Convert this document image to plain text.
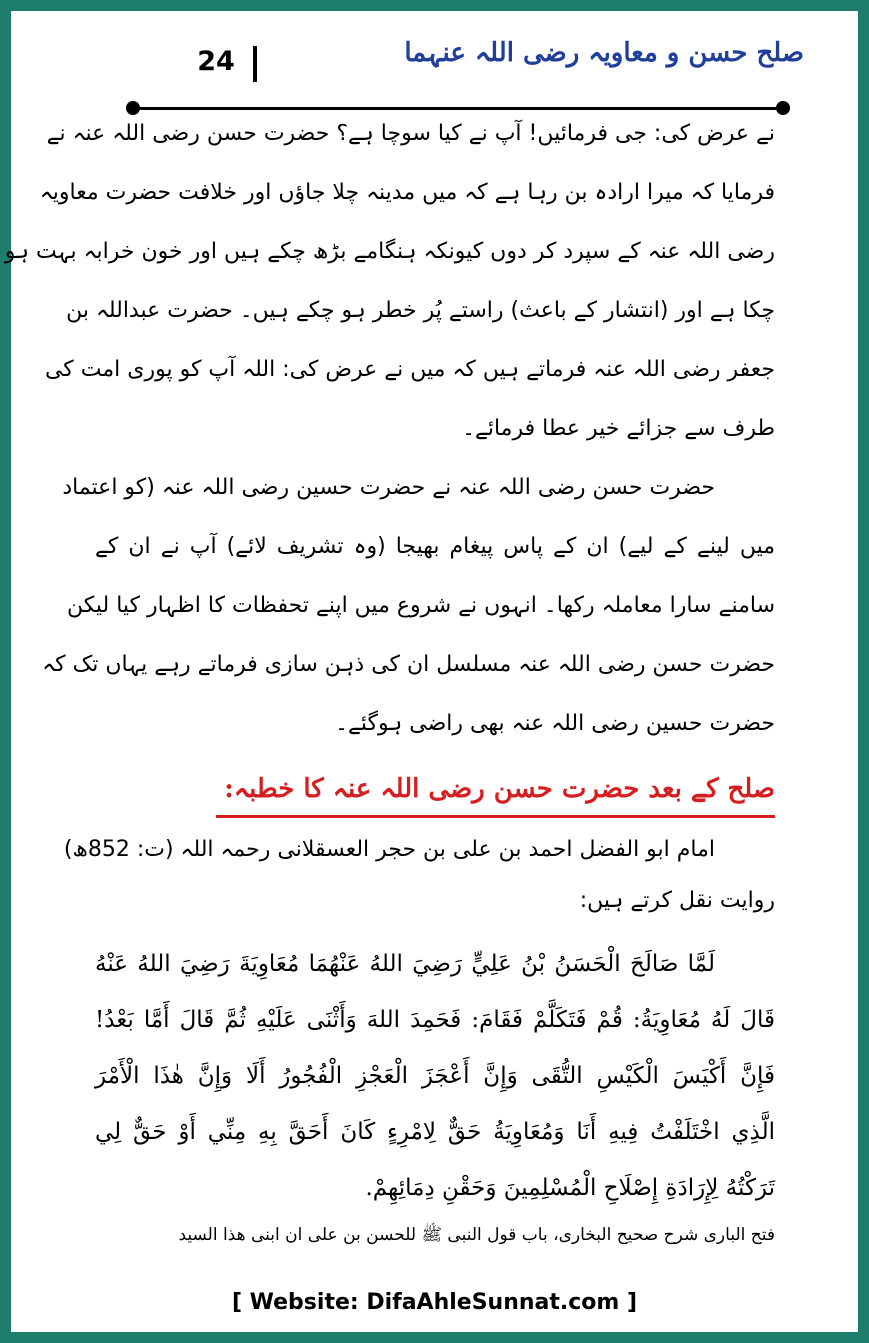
24	صلح حسن و معاویہ رضی اللہ عنہما
نے عرض کی: جی فرمائیں! آپ نے کیا سوچا ہے؟ حضرت حسن رضی اللہ عنہ نے
فرمایا کہ میرا ارادہ بن رہا ہے کہ میں مدینہ چلا جاؤں اور خلافت حضرت معاویہ
رضی اللہ عنہ کے سپرد کر دوں کیونکہ ہنگامے بڑھ چکے ہیں اور خون خرابہ بہت ہو
چکا ہے اور (انتشار کے باعث) راستے پُر خطر ہو چکے ہیں۔ حضرت عبداللہ بن
جعفر رضی اللہ عنہ فرماتے ہیں کہ میں نے عرض کی: اللہ آپ کو پوری امت کی
طرف سے جزائے خیر عطا فرمائے۔
حضرت حسن رضی اللہ عنہ نے حضرت حسین رضی اللہ عنہ (کو اعتماد
میں لینے کے لیے) ان کے پاس پیغام بھیجا (وہ تشریف لائے) آپ نے ان کے
سامنے سارا معاملہ رکھا۔ انہوں نے شروع میں اپنے تحفظات کا اظہار کیا لیکن
حضرت حسن رضی اللہ عنہ مسلسل ان کی ذہن سازی فرماتے رہے یہاں تک کہ
حضرت حسین رضی اللہ عنہ بھی راضی ہوگئے۔
صلح کے بعد حضرت حسن رضی اللہ عنہ کا خطبہ:
امام ابو الفضل احمد بن علی بن حجر العسقلانی رحمہ اللہ (ت: 852ھ)
روایت نقل کرتے ہیں:
لَمَّا صَالَحَ الْحَسَنُ بْنُ عَلِيٍّ رَضِيَ اللهُ عَنْهُمَا مُعَاوِيَةَ رَضِيَ اللهُ عَنْهُ
قَالَ لَهُ مُعَاوِيَةُ: قُمْ فَتَكَلَّمْ فَقَامَ: فَحَمِدَ اللهَ وَأَثْنَى عَلَيْهِ ثُمَّ قَالَ أَمَّا بَعْدُ!
فَإِنَّ أَكْيَسَ الْكَيْسِ التُّقَى وَإِنَّ أَعْجَزَ الْعَجْزِ الْفُجُورُ أَلَا وَإِنَّ هٰذَا الْأَمْرَ
الَّذِي اخْتَلَفْتُ فِيهِ أَنَا وَمُعَاوِيَةُ حَقٌّ لِامْرِءٍ كَانَ أَحَقَّ بِهِ مِنِّي أَوْ حَقٌّ لِي
تَرَكْتُهُ لِإِرَادَةِ إِصْلَاحِ الْمُسْلِمِينَ وَحَقْنِ دِمَائِهِمْ.
فتح الباری شرح صحیح البخاری، باب قول النبی ﷺ للحسن بن علی ان ابنی ھذا السید
[ Website: DifaAhleSunnat.com ]
